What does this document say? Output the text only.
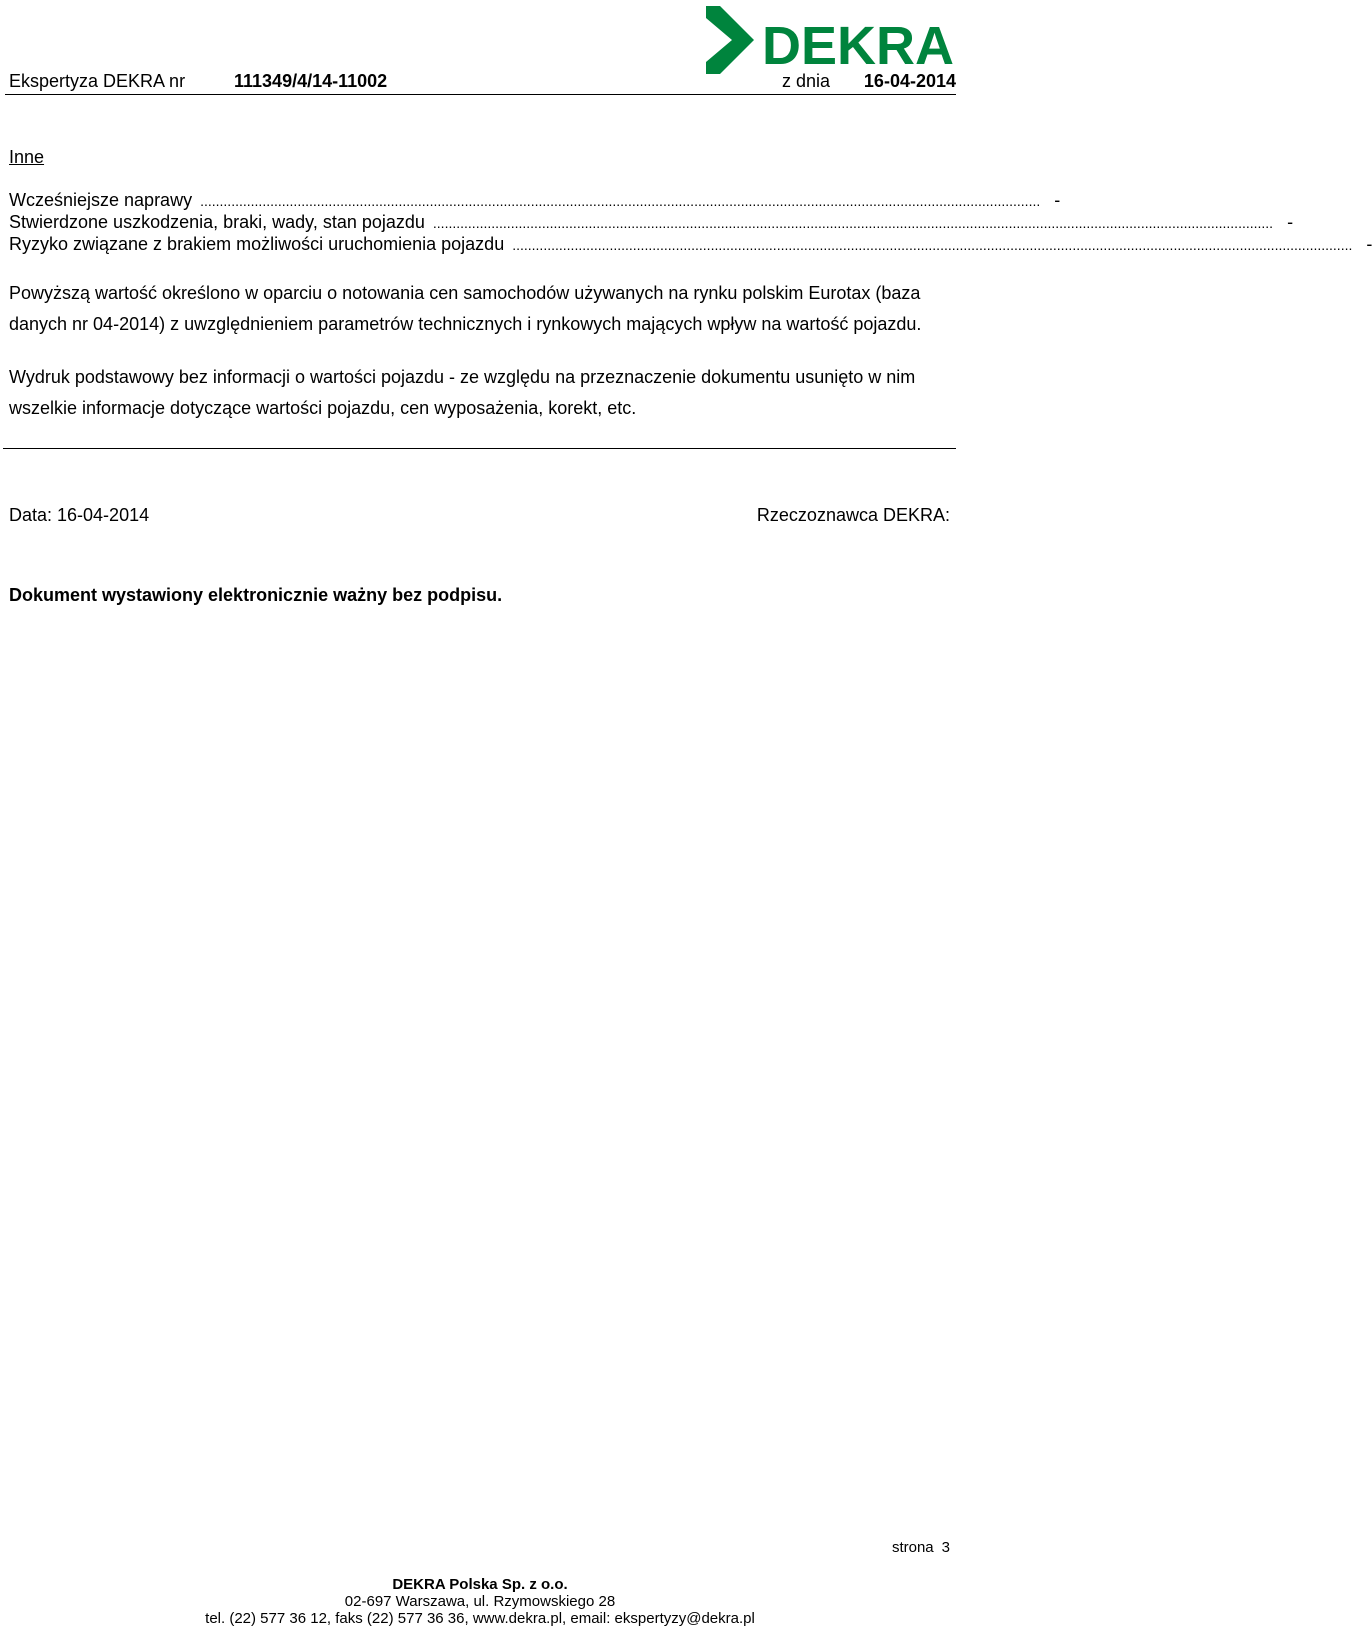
DEKRA
Ekspertyza DEKRA nr	111349/4/14-11002	z dnia 16-04-2014
Inne
Wcześniejsze naprawy ........................................................................................................................................................................................................................ -
Stwierdzone uszkodzenia, braki, wady, stan pojazdu ........................................................................................................................................................................................................................ -
Ryzyko związane z brakiem możliwości uruchomienia pojazdu ........................................................................................................................................................................................................................ -

Powyższą wartość określono w oparciu o notowania cen samochodów używanych na rynku polskim Eurotax (baza danych nr 04-2014) z uwzględnieniem parametrów technicznych i rynkowych mających wpływ na wartość pojazdu.

Wydruk podstawowy bez informacji o wartości pojazdu - ze względu na przeznaczenie dokumentu usunięto w nim wszelkie informacje dotyczące wartości pojazdu, cen wyposażenia, korekt, etc.

Data: 16-04-2014	Rzeczoznawca DEKRA:
Dokument wystawiony elektronicznie ważny bez podpisu.
strona 3
DEKRA Polska Sp. z o.o.
02-697 Warszawa, ul. Rzymowskiego 28
tel. (22) 577 36 12, faks (22) 577 36 36, www.dekra.pl, email: ekspertyzy@dekra.pl
